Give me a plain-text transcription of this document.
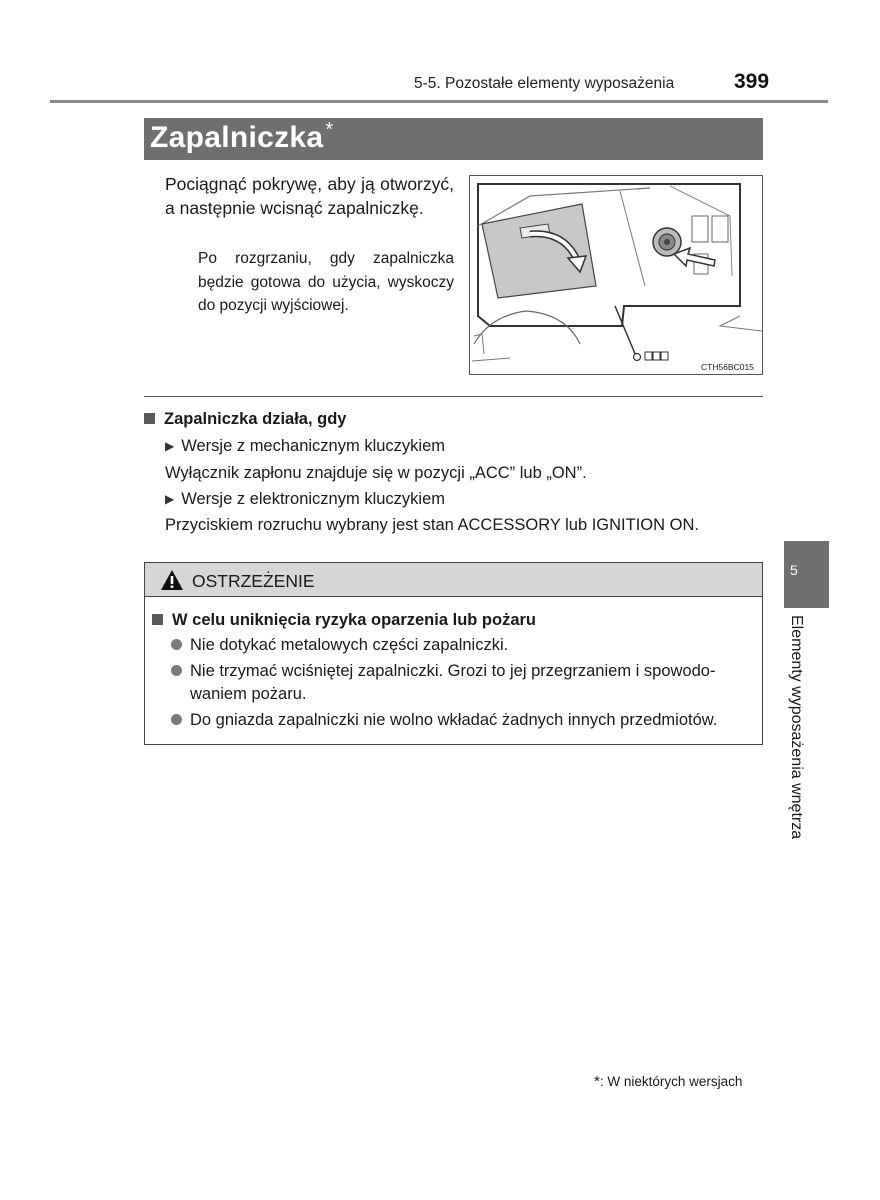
5-5. Pozostałe elementy wyposażenia	399
Zapalniczka *
Pociągnąć pokrywę, aby ją otworzyć, a następnie wcisnąć zapalniczkę.
Po rozgrzaniu, gdy zapalniczka będzie gotowa do użycia, wyskoczy do pozycji wyjściowej.
CTH56BC015
Zapalniczka działa, gdy
▶ Wersje z mechanicznym kluczykiem
Wyłącznik zapłonu znajduje się w pozycji „ACC” lub „ON”.
▶ Wersje z elektronicznym kluczykiem
Przyciskiem rozruchu wybrany jest stan ACCESSORY lub IGNITION ON.
5
Elementy wyposażenia wnętrza
OSTRZEŻENIE
W celu uniknięcia ryzyka oparzenia lub pożaru
Nie dotykać metalowych części zapalniczki.
Nie trzymać wciśniętej zapalniczki. Grozi to jej przegrzaniem i spowodo-
waniem pożaru.
Do gniazda zapalniczki nie wolno wkładać żadnych innych przedmiotów.
*: W niektórych wersjach
